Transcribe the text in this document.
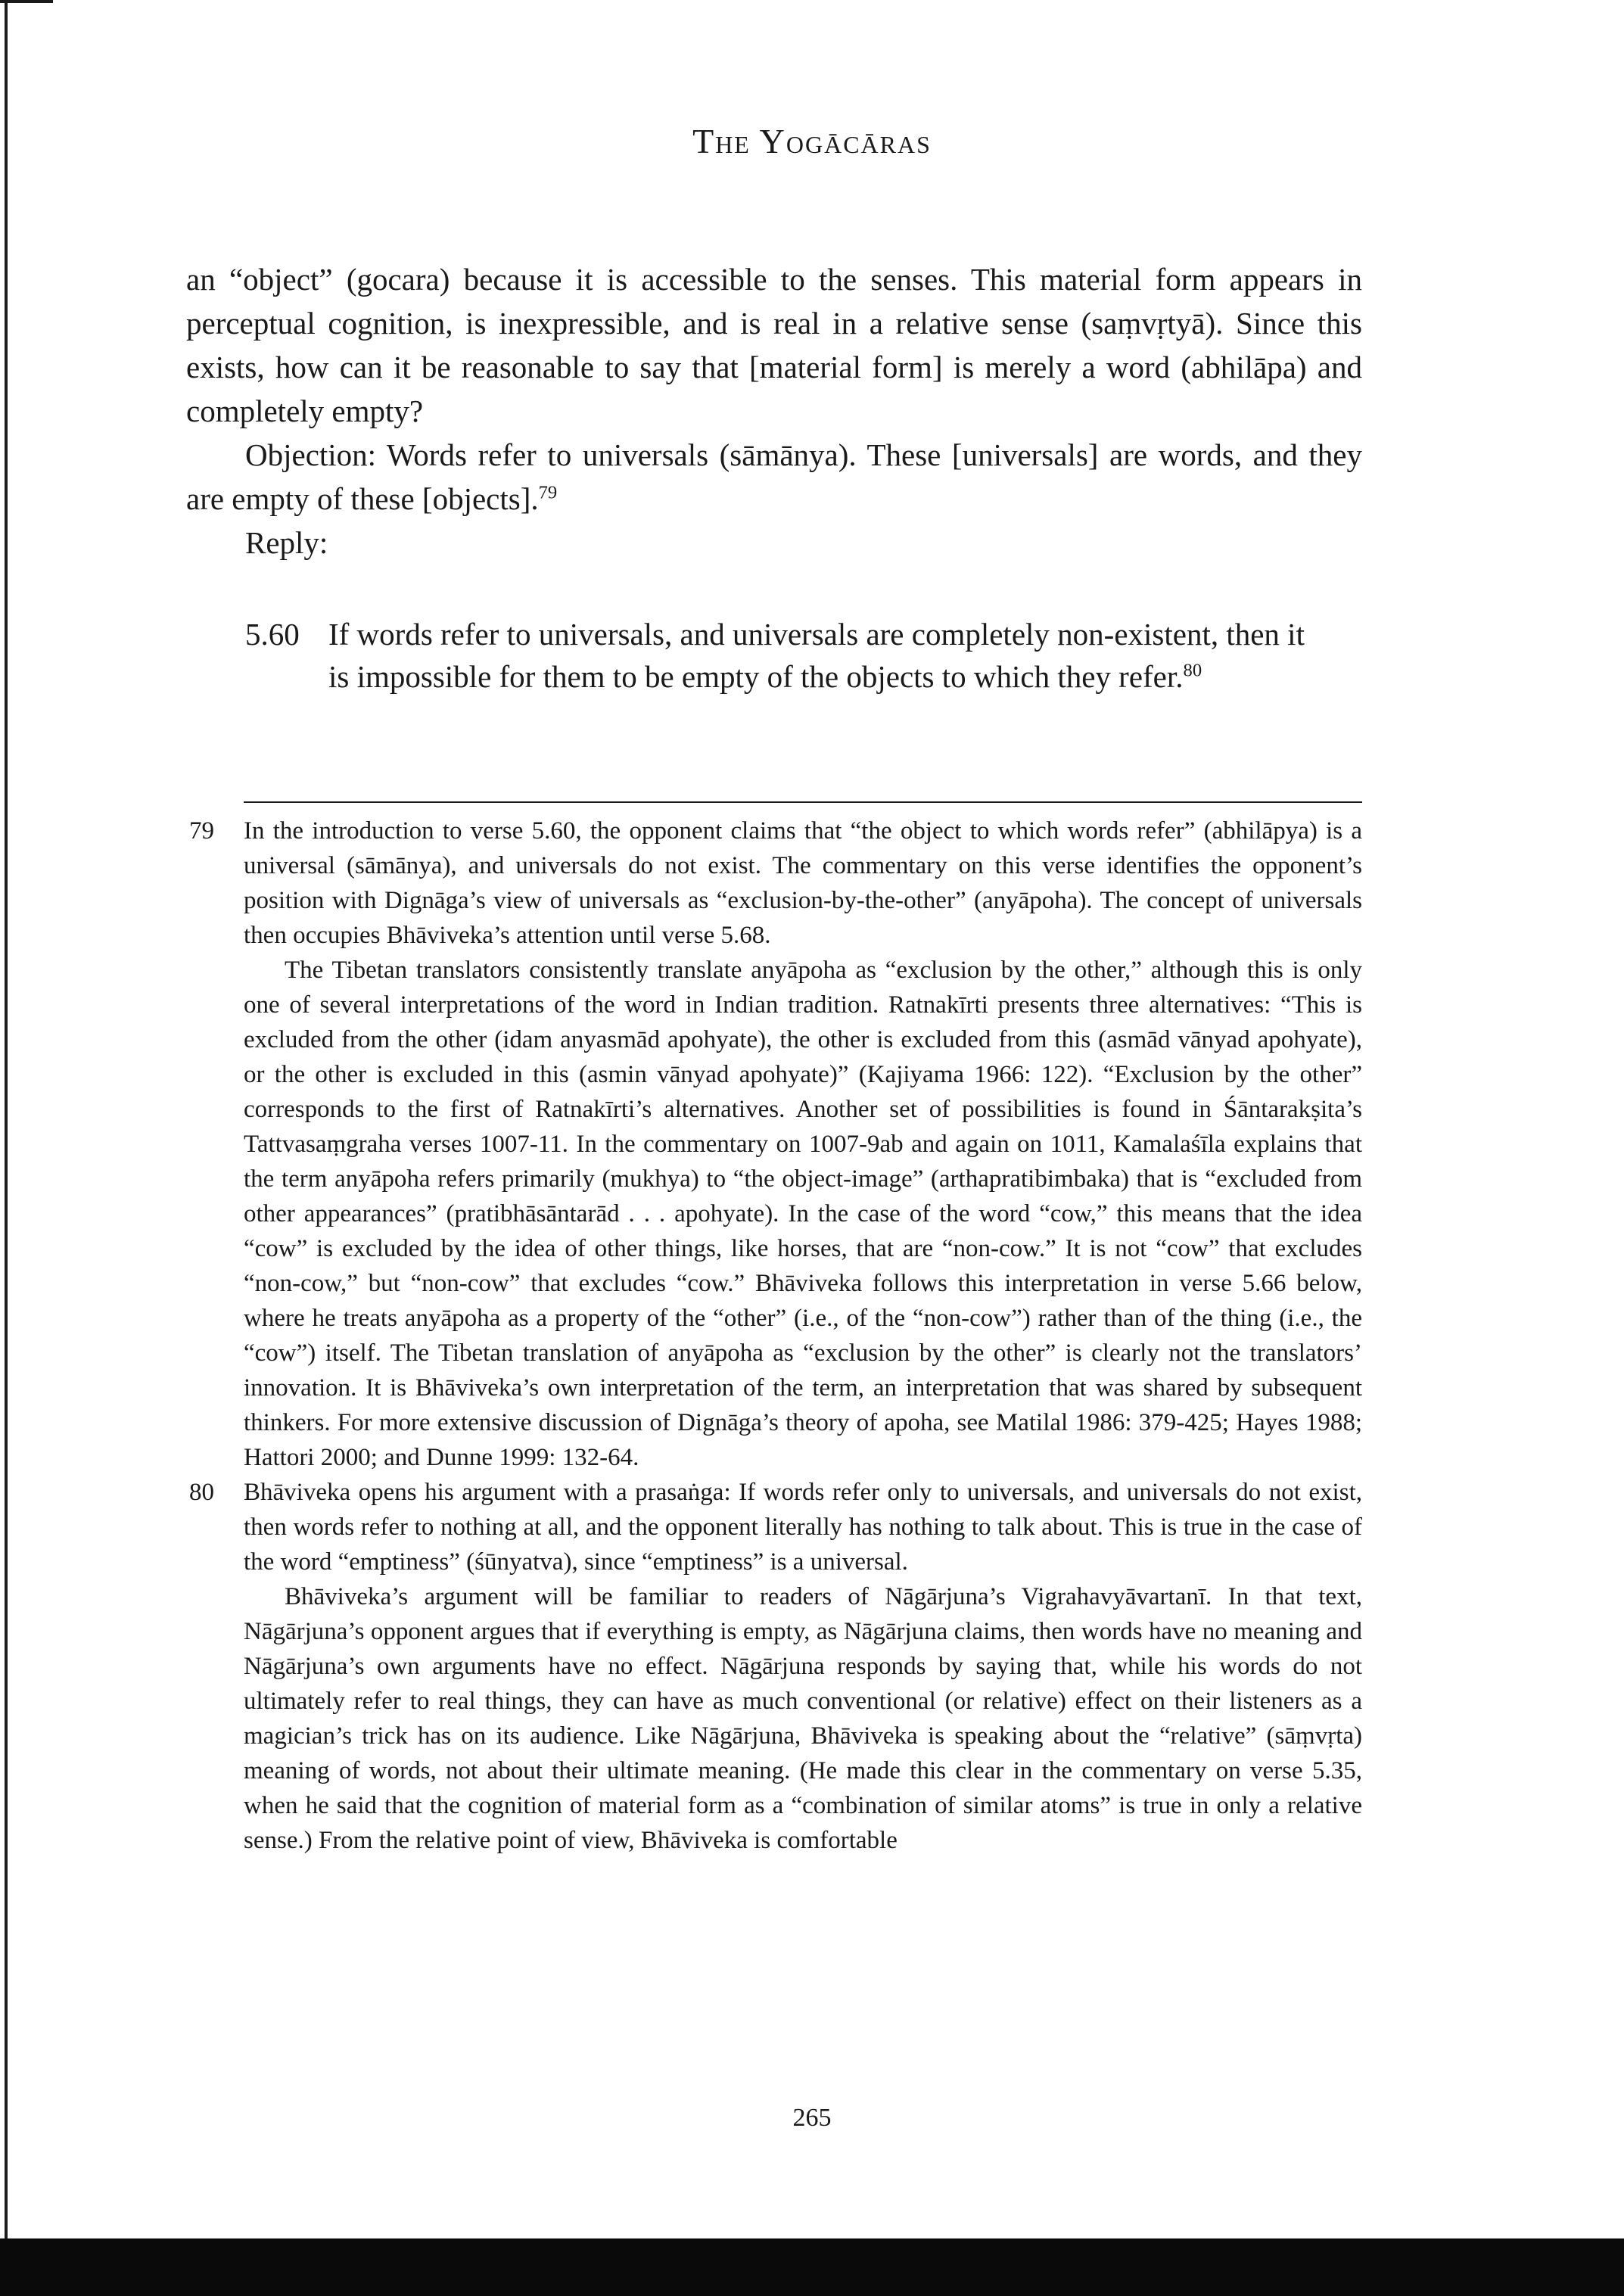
The Yogācāras

an “object” (gocara) because it is accessible to the senses. This material form appears in perceptual cognition, is inexpressible, and is real in a relative sense (saṃvṛtyā). Since this exists, how can it be reasonable to say that [material form] is merely a word (abhilāpa) and completely empty?

Objection: Words refer to universals (sāmānya). These [universals] are words, and they are empty of these [objects].$^{79}$

Reply:

5.60 If words refer to universals, and universals are completely non-existent, then it is impossible for them to be empty of the objects to which they refer.$^{80}$
79 In the introduction to verse 5.60, the opponent claims that “the object to which words refer” (abhilāpya) is a universal (sāmānya), and universals do not exist. The commentary on this verse identifies the opponent’s position with Dignāga’s view of universals as “exclusion-by-the-other” (anyāpoha). The concept of universals then occupies Bhāviveka’s attention until verse 5.68.

The Tibetan translators consistently translate anyāpoha as “exclusion by the other,” although this is only one of several interpretations of the word in Indian tradition. Ratnakīrti presents three alternatives: “This is excluded from the other (idam anyasmād apohyate), the other is excluded from this (asmād vānyad apohyate), or the other is excluded in this (asmin vānyad apohyate)” (Kajiyama 1966: 122). “Exclusion by the other” corresponds to the first of Ratnakīrti’s alternatives. Another set of possibilities is found in Śāntarakṣita’s Tattvasaṃgraha verses 1007-11. In the commentary on 1007-9ab and again on 1011, Kamalaśīla explains that the term anyāpoha refers primarily (mukhya) to “the object-image” (arthapratibimbaka) that is “excluded from other appearances” (pratibhāsāntarād . . . apohyate). In the case of the word “cow,” this means that the idea “cow” is excluded by the idea of other things, like horses, that are “non-cow.” It is not “cow” that excludes “non-cow,” but “non-cow” that excludes “cow.” Bhāviveka follows this interpretation in verse 5.66 below, where he treats anyāpoha as a property of the “other” (i.e., of the “non-cow”) rather than of the thing (i.e., the “cow”) itself. The Tibetan translation of anyāpoha as “exclusion by the other” is clearly not the translators’ innovation. It is Bhāviveka’s own interpretation of the term, an interpretation that was shared by subsequent thinkers. For more extensive discussion of Dignāga’s theory of apoha, see Matilal 1986: 379-425; Hayes 1988; Hattori 2000; and Dunne 1999: 132-64.

80 Bhāviveka opens his argument with a prasaṅga: If words refer only to universals, and universals do not exist, then words refer to nothing at all, and the opponent literally has nothing to talk about. This is true in the case of the word “emptiness” (śūnyatva), since “emptiness” is a universal.

Bhāviveka’s argument will be familiar to readers of Nāgārjuna’s Vigrahavyāvartanī. In that text, Nāgārjuna’s opponent argues that if everything is empty, as Nāgārjuna claims, then words have no meaning and Nāgārjuna’s own arguments have no effect. Nāgārjuna responds by saying that, while his words do not ultimately refer to real things, they can have as much conventional (or relative) effect on their listeners as a magician’s trick has on its audience. Like Nāgārjuna, Bhāviveka is speaking about the “relative” (sāṃvṛta) meaning of words, not about their ultimate meaning. (He made this clear in the commentary on verse 5.35, when he said that the cognition of material form as a “combination of similar atoms” is true in only a relative sense.) From the relative point of view, Bhāviveka is comfortable

265
